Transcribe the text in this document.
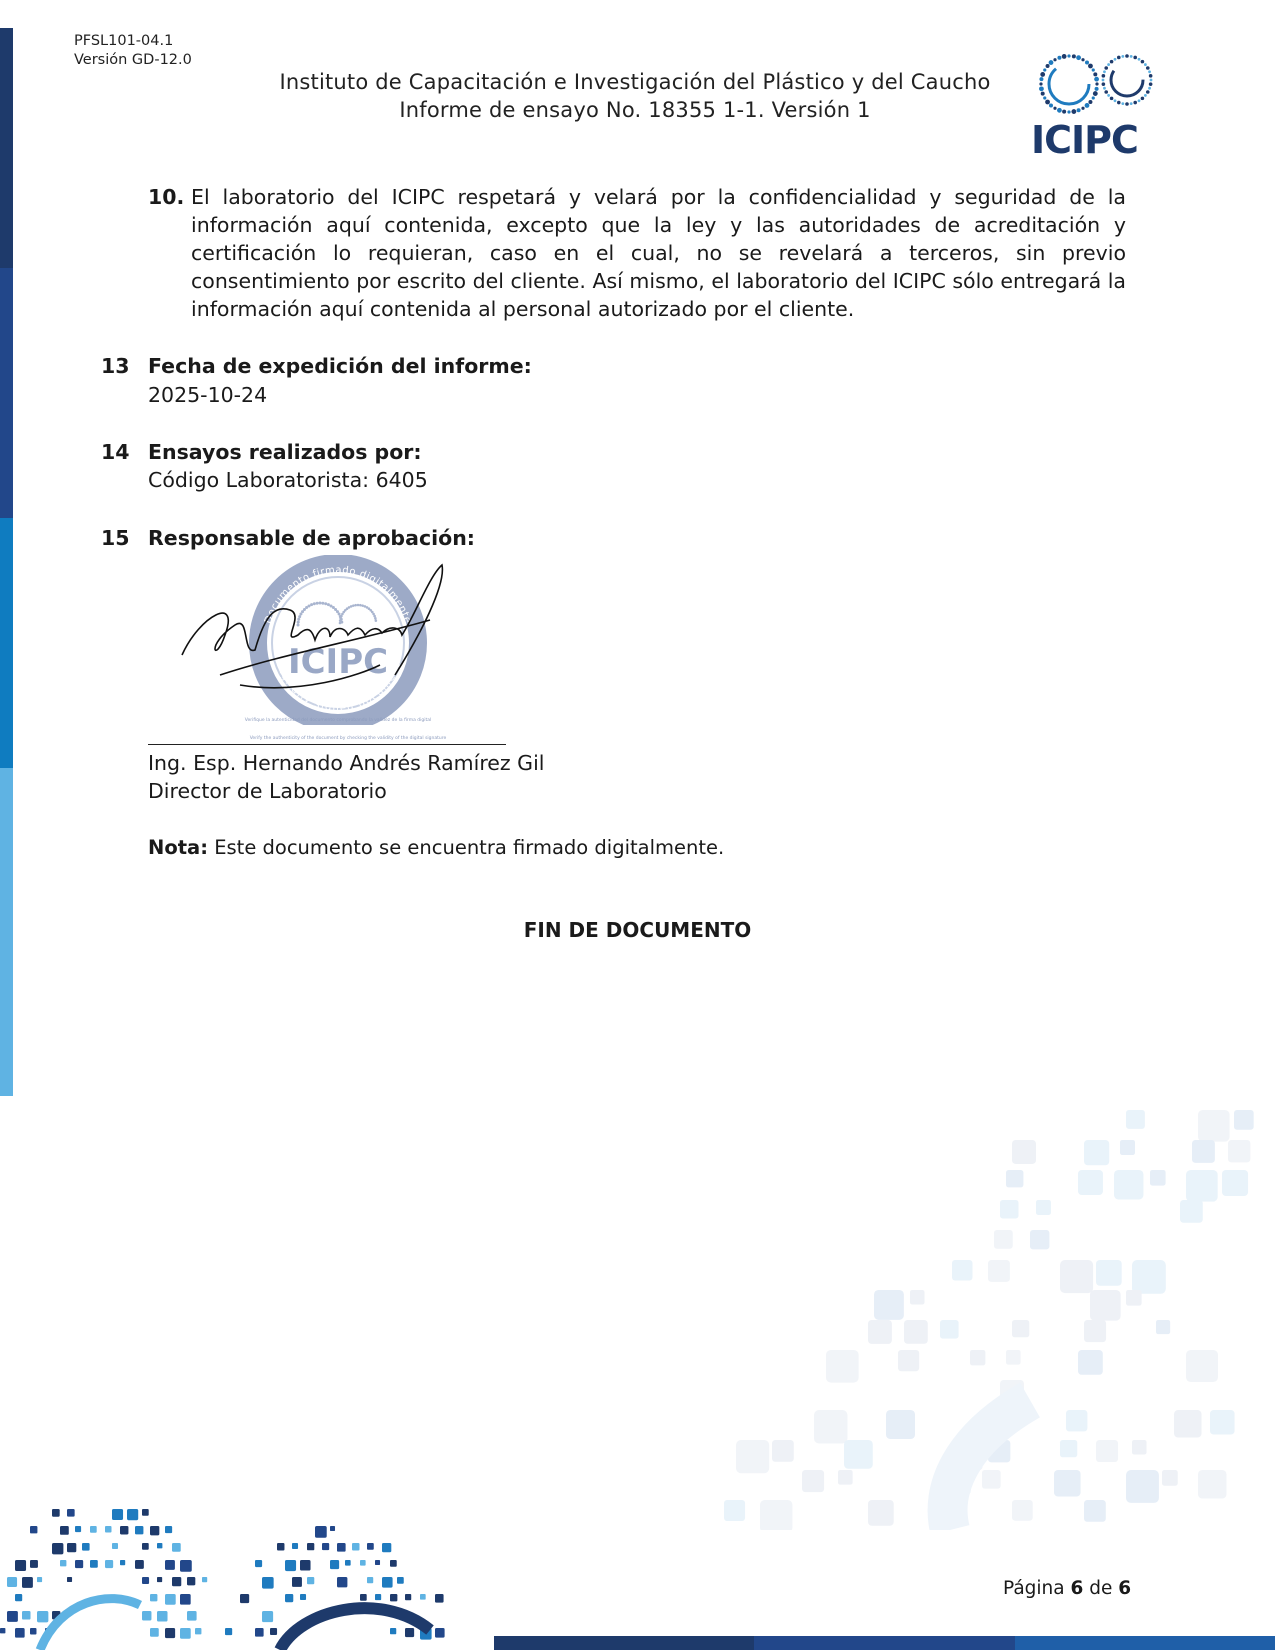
PFSL101-04.1
Versión GD-12.0
Instituto de Capacitación e Investigación del Plástico y del Caucho
Informe de ensayo No. 18355 1-1. Versión 1
ICIPC
10. El laboratorio del ICIPC respetará y velará por la confidencialidad y seguridad de la información aquí contenida, excepto que la ley y las autoridades de acreditación y certificación lo requieran, caso en el cual, no se revelará a terceros, sin previo consentimiento por escrito del cliente. Así mismo, el laboratorio del ICIPC sólo entregará la información aquí contenida al personal autorizado por el cliente.
13 Fecha de expedición del informe:
2025-10-24
14 Ensayos realizados por:
Código Laboratorista: 6405
15 Responsable de aprobación:
Documento firmado digitalmente
Digitally signed document
ICIPC
Verifique la autenticidad del documento comprobando la validez de la firma digital
Verify the authenticity of the document by checking the validity of the digital signature
Ing. Esp. Hernando Andrés Ramírez Gil
Director de Laboratorio
Nota: Este documento se encuentra firmado digitalmente.
FIN DE DOCUMENTO
Página 6 de 6
